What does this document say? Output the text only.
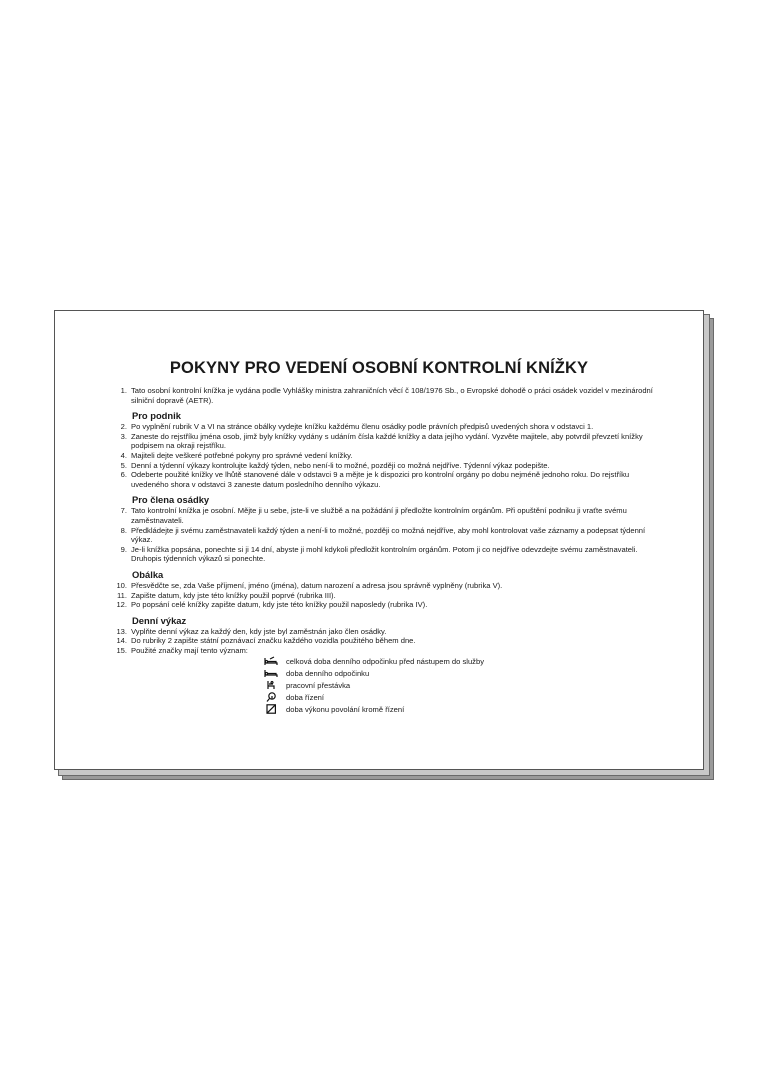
POKYNY PRO VEDENÍ OSOBNÍ KONTROLNÍ KNÍŽKY
1. Tato osobní kontrolní knížka je vydána podle Vyhlášky ministra zahraničních věcí č 108/1976 Sb., o Evropské dohodě o práci osádek vozidel v mezinárodní silniční dopravě (AETR).
Pro podnik
2. Po vyplnění rubrik V a VI na stránce obálky vydejte knížku každému členu osádky podle právních předpisů uvedených shora v odstavci 1.
3. Zaneste do rejstříku jména osob, jimž byly knížky vydány s udáním čísla každé knížky a data jejího vydání. Vyzvěte majitele, aby potvrdil převzetí knížky podpisem na okraji rejstříku.
4. Majiteli dejte veškeré potřebné pokyny pro správné vedení knížky.
5. Denní a týdenní výkazy kontrolujte každý týden, nebo není-li to možné, později co možná nejdříve. Týdenní výkaz podepište.
6. Odeberte použité knížky ve lhůtě stanovené dále v odstavci 9 a mějte je k dispozici pro kontrolní orgány po dobu nejméně jednoho roku. Do rejstříku uvedeného shora v odstavci 3 zaneste datum posledního denního výkazu.
Pro člena osádky
7. Tato kontrolní knížka je osobní. Mějte ji u sebe, jste-li ve službě a na požádání ji předložte kontrolním orgánům. Při opuštění podniku ji vraťte svému zaměstnavateli.
8. Předkládejte ji svému zaměstnavateli každý týden a není-li to možné, později co možná nejdříve, aby mohl kontrolovat vaše záznamy a podepsat týdenní výkaz.
9. Je-li knížka popsána, ponechte si ji 14 dní, abyste ji mohl kdykoli předložit kontrolním orgánům. Potom ji co nejdříve odevzdejte svému zaměstnavateli. Druhopis týdenních výkazů si ponechte.
Obálka
10. Přesvědčte se, zda Vaše příjmení, jméno (jména), datum narození a adresa jsou správně vyplněny (rubrika V).
11. Zapište datum, kdy jste této knížky použil poprvé (rubrika III).
12. Po popsání celé knížky zapište datum, kdy jste této knížky použil naposledy (rubrika IV).
Denní výkaz
13. Vyplňte denní výkaz za každý den, kdy jste byl zaměstnán jako člen osádky.
14. Do rubriky 2 zapište státní poznávací značku každého vozidla použitého během dne.
15. Použité značky mají tento význam:
celková doba denního odpočinku před nástupem do služby
doba denního odpočinku
pracovní přestávka
doba řízení
doba výkonu povolání kromě řízení
